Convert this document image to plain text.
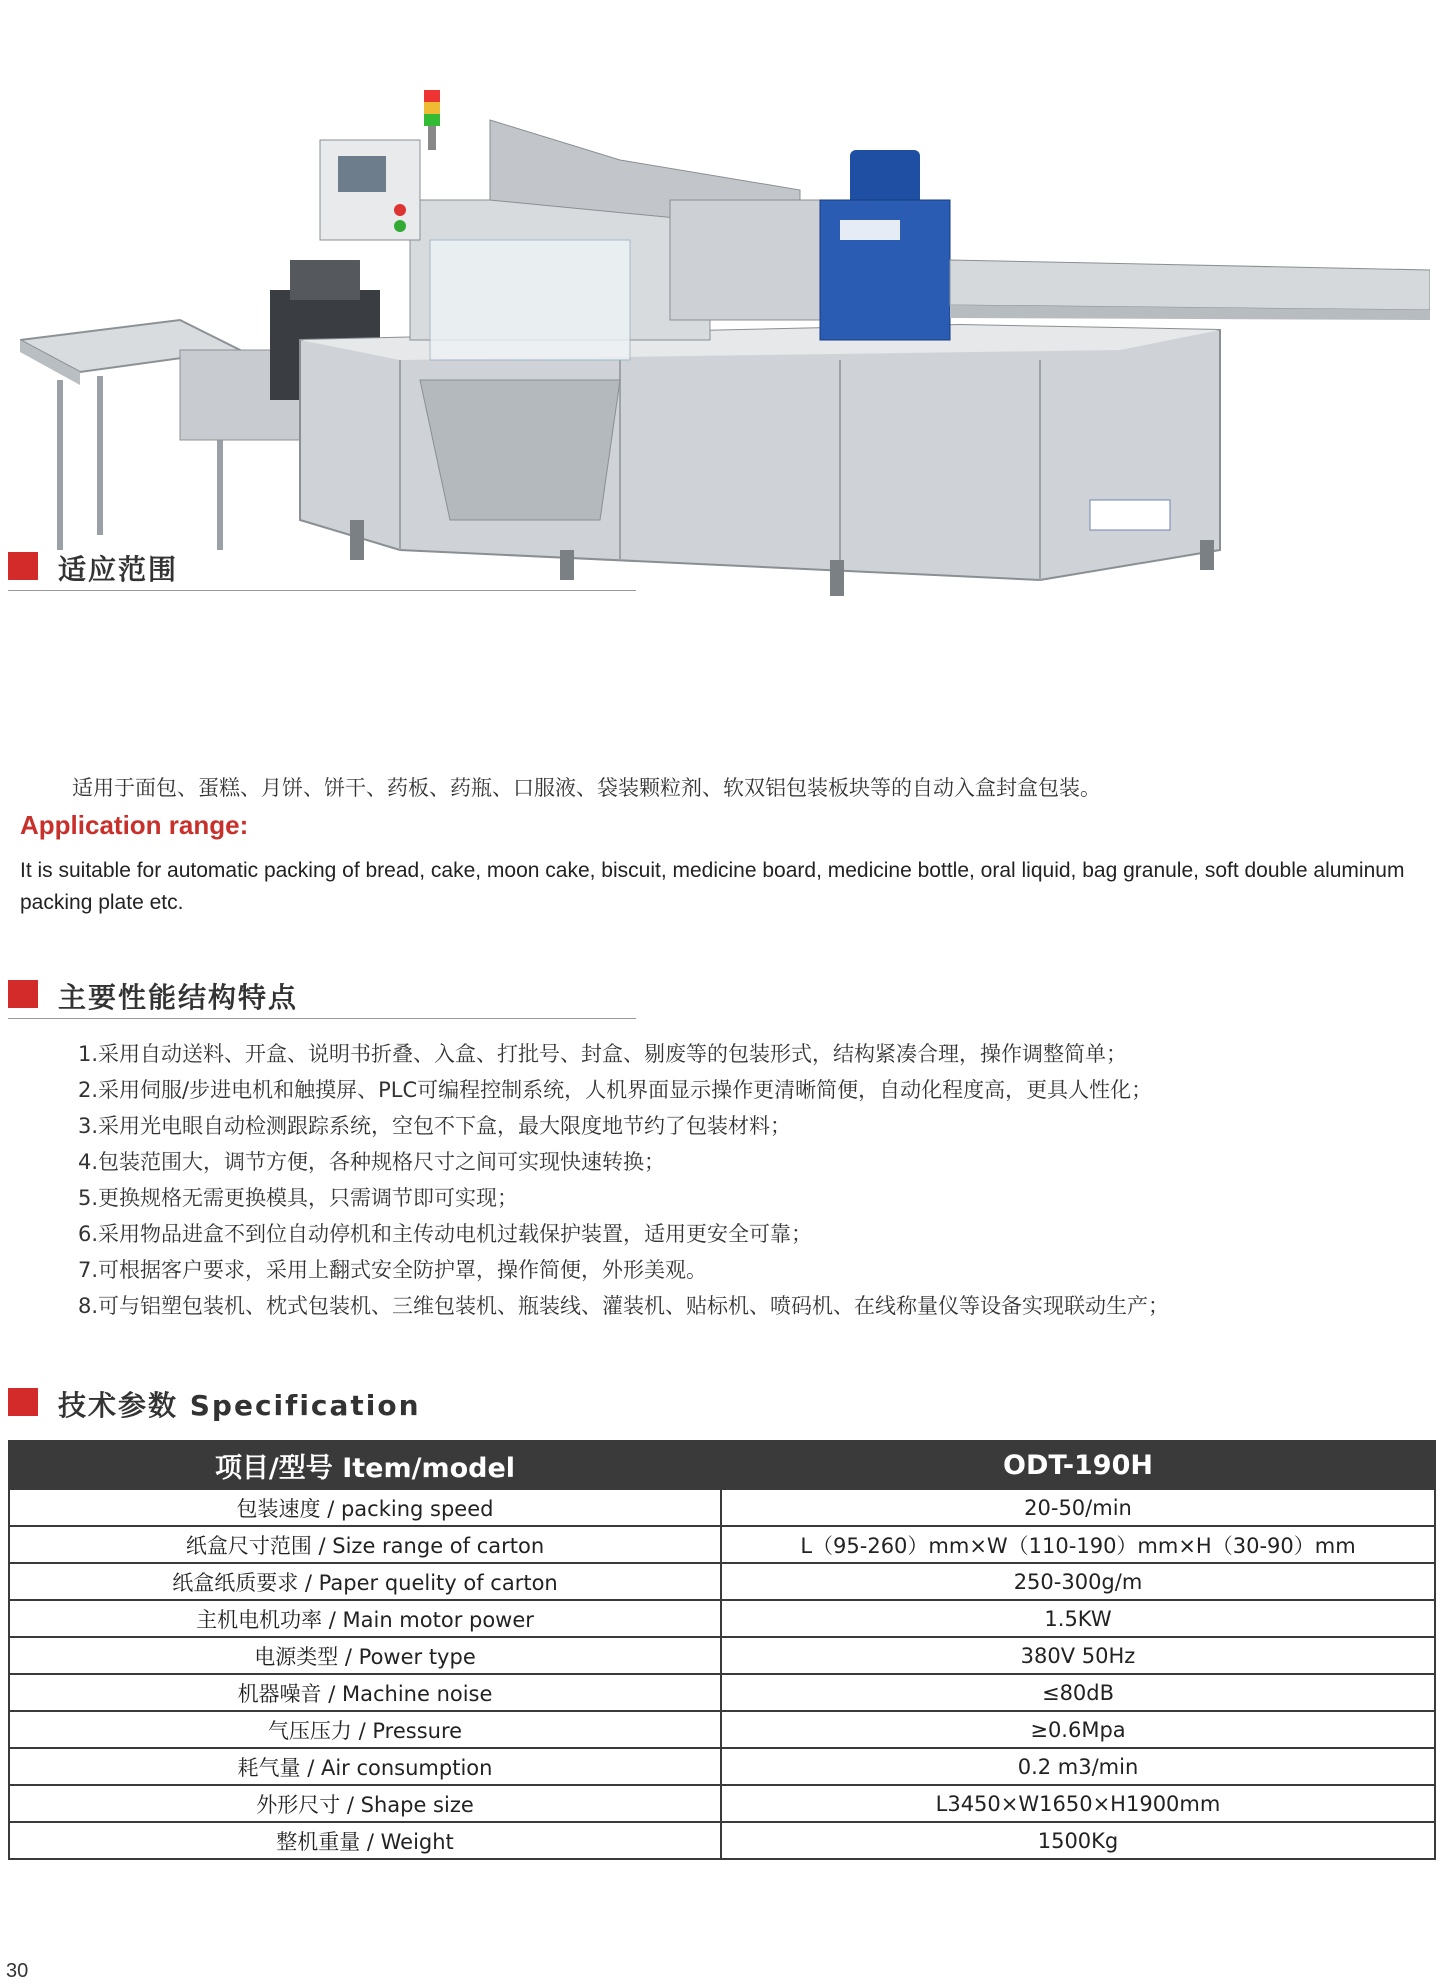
适应范围
适用于面包、蛋糕、月饼、饼干、药板、药瓶、口服液、袋装颗粒剂、软双铝包装板块等的自动入盒封盒包装。
Application range:
It is suitable for automatic packing of bread, cake, moon cake, biscuit, medicine board, medicine bottle, oral liquid, bag granule, soft double aluminum packing plate etc.
主要性能结构特点
1.采用自动送料、开盒、说明书折叠、入盒、打批号、封盒、剔废等的包装形式，结构紧凑合理，操作调整简单；
2.采用伺服/步进电机和触摸屏、PLC可编程控制系统，人机界面显示操作更清晰简便，自动化程度高，更具人性化；
3.采用光电眼自动检测跟踪系统，空包不下盒，最大限度地节约了包装材料；
4.包装范围大，调节方便，各种规格尺寸之间可实现快速转换；
5.更换规格无需更换模具，只需调节即可实现；
6.采用物品进盒不到位自动停机和主传动电机过载保护装置，适用更安全可靠；
7.可根据客户要求，采用上翻式安全防护罩，操作简便，外形美观。
8.可与铝塑包装机、枕式包装机、三维包装机、瓶装线、灌装机、贴标机、喷码机、在线称量仪等设备实现联动生产；
技术参数 Specification
项目/型号 Item/model	ODT-190H
包装速度 / packing speed	20-50/min
纸盒尺寸范围 / Size range of carton	L（95-260）mm×W（110-190）mm×H（30-90）mm
纸盒纸质要求 / Paper quelity of carton	250-300g/m
主机电机功率 / Main motor power	1.5KW
电源类型 / Power type	380V 50Hz
机器噪音 / Machine noise	≤80dB
气压压力 / Pressure	≥0.6Mpa
耗气量 / Air consumption	0.2 m3/min
外形尺寸 / Shape size	L3450×W1650×H1900mm
整机重量 / Weight	1500Kg
30
